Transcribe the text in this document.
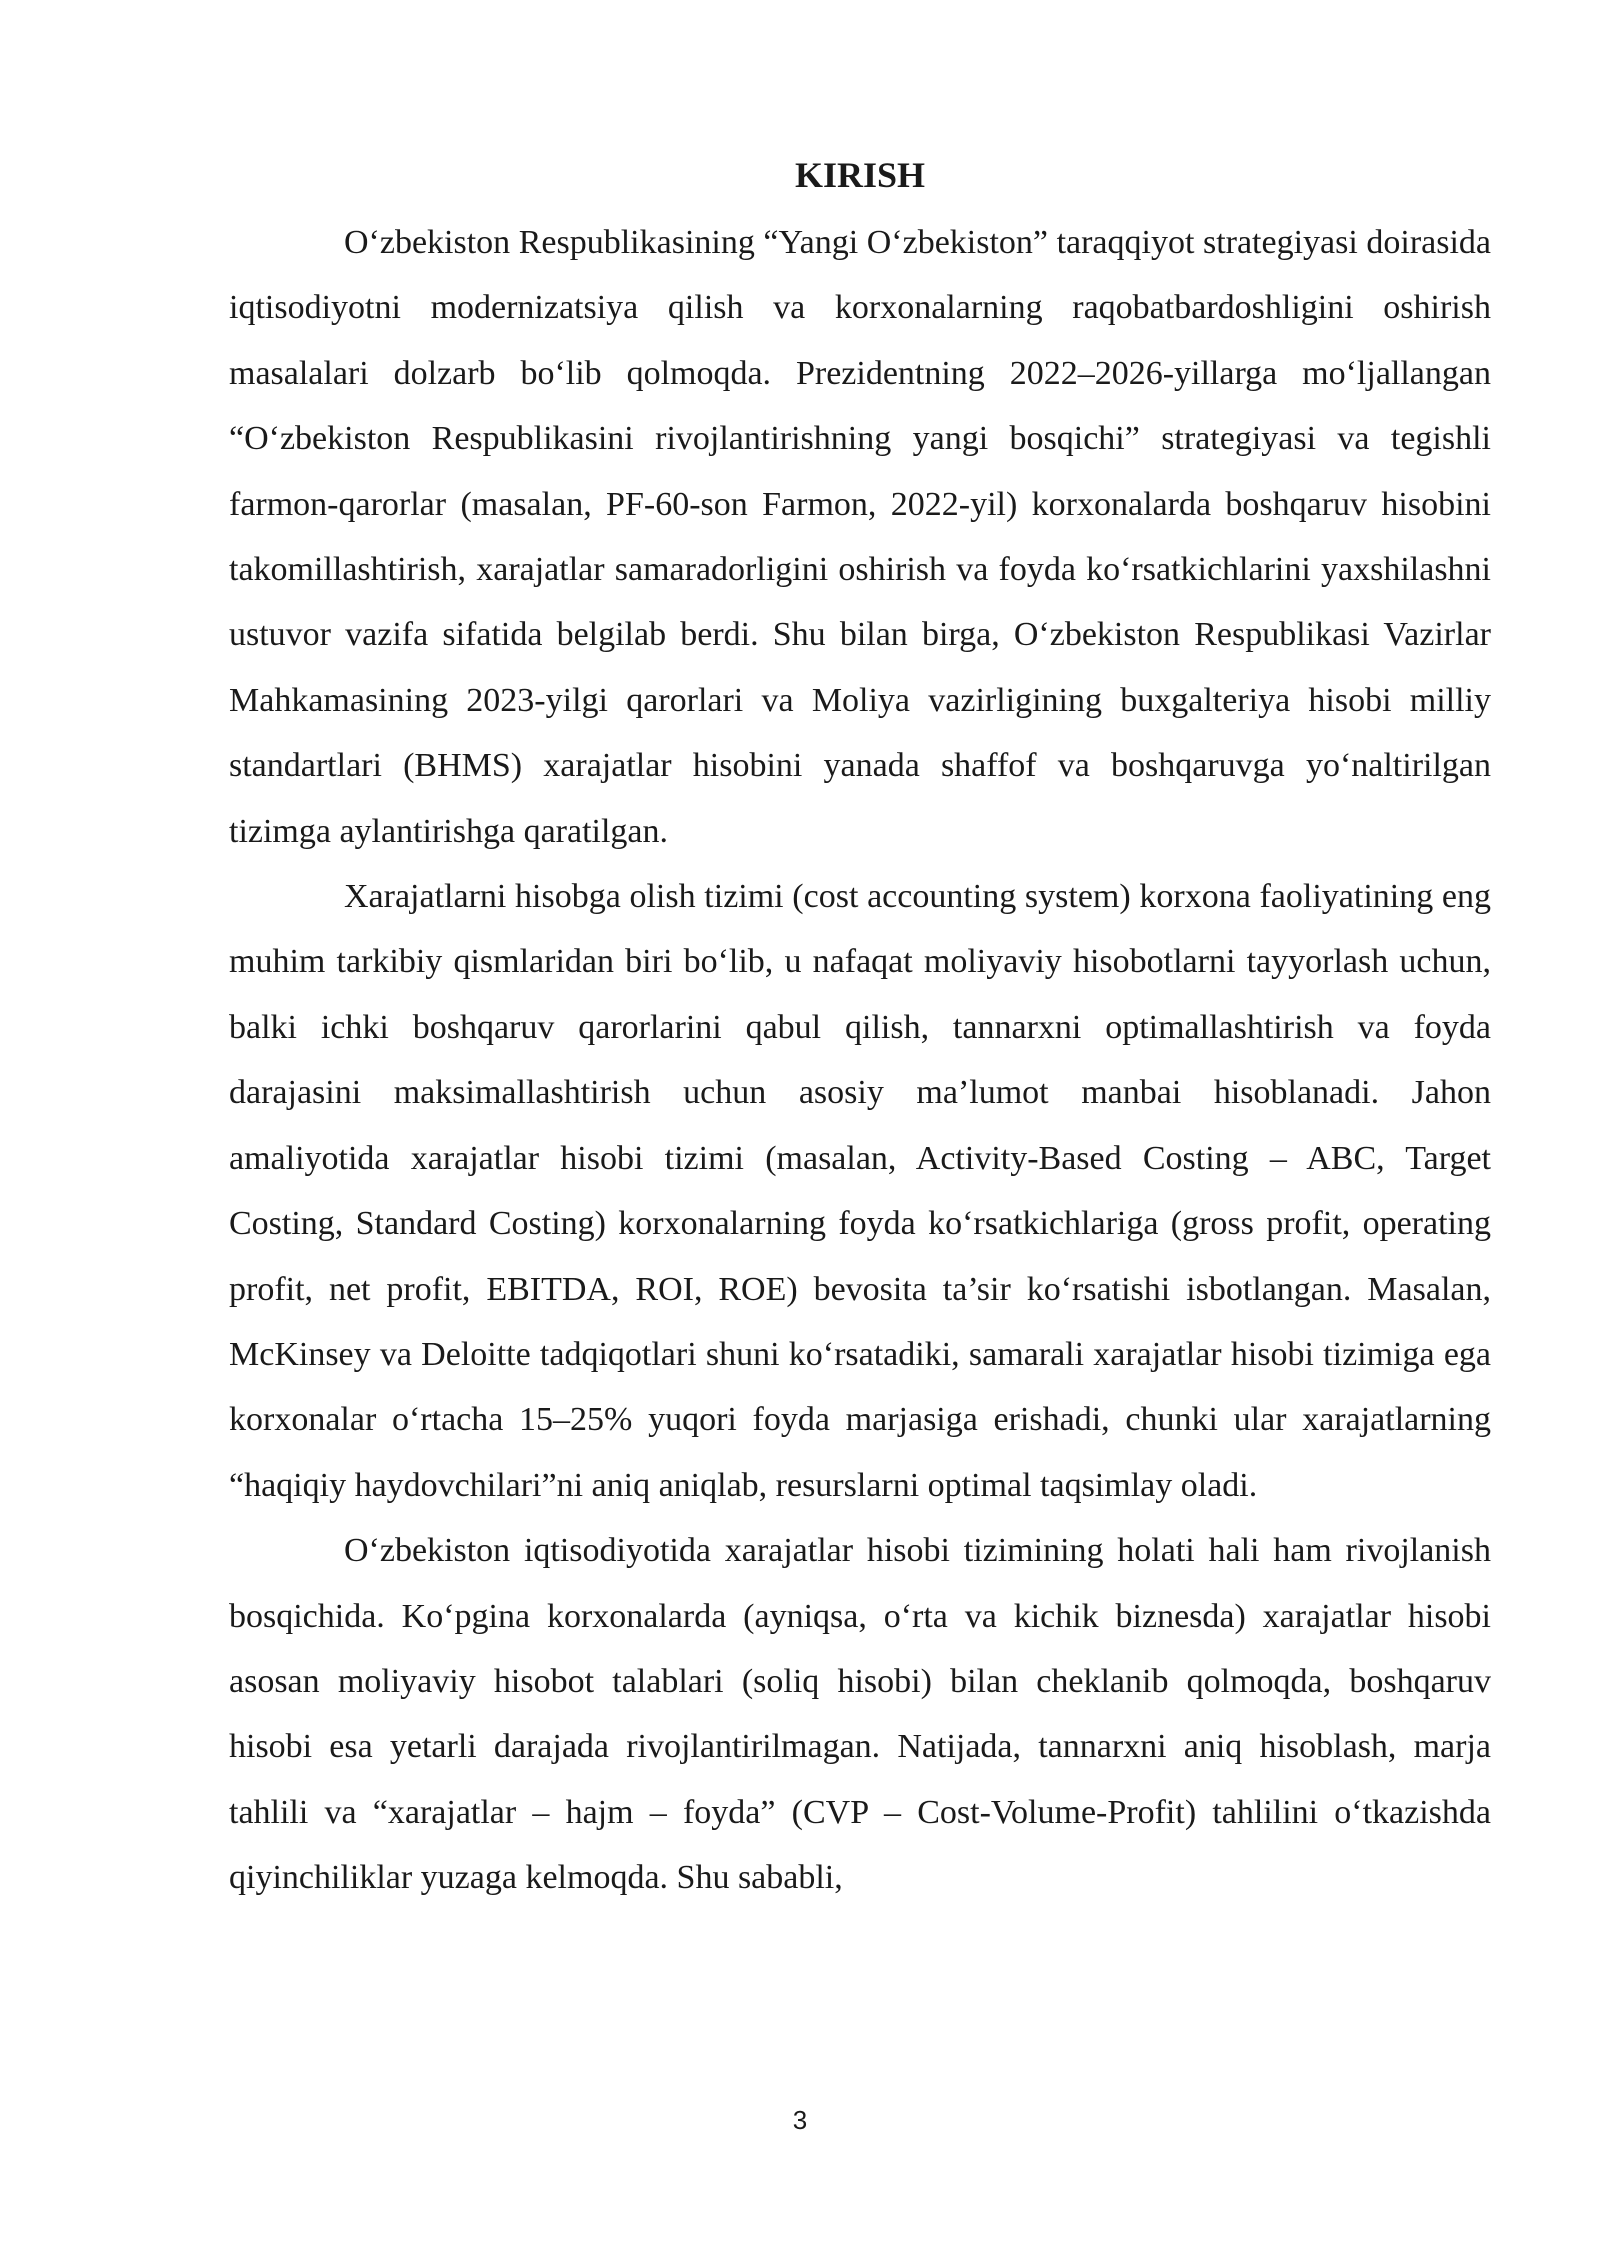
KIRISH

O‘zbekiston Respublikasining “Yangi O‘zbekiston” taraqqiyot strategiyasi doirasida iqtisodiyotni modernizatsiya qilish va korxonalarning raqobatbardoshligini oshirish masalalari dolzarb bo‘lib qolmoqda. Prezidentning 2022–2026-yillarga mo‘ljallangan “O‘zbekiston Respublikasini rivojlantirishning yangi bosqichi” strategiyasi va tegishli farmon-qarorlar (masalan, PF-60-son Farmon, 2022-yil) korxonalarda boshqaruv hisobini takomillashtirish, xarajatlar samaradorligini oshirish va foyda ko‘rsatkichlarini yaxshilashni ustuvor vazifa sifatida belgilab berdi. Shu bilan birga, O‘zbekiston Respublikasi Vazirlar Mahkamasining 2023-yilgi qarorlari va Moliya vazirligining buxgalteriya hisobi milliy standartlari (BHMS) xarajatlar hisobini yanada shaffof va boshqaruvga yo‘naltirilgan tizimga aylantirishga qaratilgan.

Xarajatlarni hisobga olish tizimi (cost accounting system) korxona faoliyatining eng muhim tarkibiy qismlaridan biri bo‘lib, u nafaqat moliyaviy hisobotlarni tayyorlash uchun, balki ichki boshqaruv qarorlarini qabul qilish, tannarxni optimallashtirish va foyda darajasini maksimallashtirish uchun asosiy ma’lumot manbai hisoblanadi. Jahon amaliyotida xarajatlar hisobi tizimi (masalan, Activity-Based Costing – ABC, Target Costing, Standard Costing) korxonalarning foyda ko‘rsatkichlariga (gross profit, operating profit, net profit, EBITDA, ROI, ROE) bevosita ta’sir ko‘rsatishi isbotlangan. Masalan, McKinsey va Deloitte tadqiqotlari shuni ko‘rsatadiki, samarali xarajatlar hisobi tizimiga ega korxonalar o‘rtacha 15–25% yuqori foyda marjasiga erishadi, chunki ular xarajatlarning “haqiqiy haydovchilari”ni aniq aniqlab, resurslarni optimal taqsimlay oladi.

O‘zbekiston iqtisodiyotida xarajatlar hisobi tizimining holati hali ham rivojlanish bosqichida. Ko‘pgina korxonalarda (ayniqsa, o‘rta va kichik biznesda) xarajatlar hisobi asosan moliyaviy hisobot talablari (soliq hisobi) bilan cheklanib qolmoqda, boshqaruv hisobi esa yetarli darajada rivojlantirilmagan. Natijada, tannarxni aniq hisoblash, marja tahlili va “xarajatlar – hajm – foyda” (CVP – Cost-Volume-Profit) tahlilini o‘tkazishda qiyinchiliklar yuzaga kelmoqda. Shu sababli,

3
